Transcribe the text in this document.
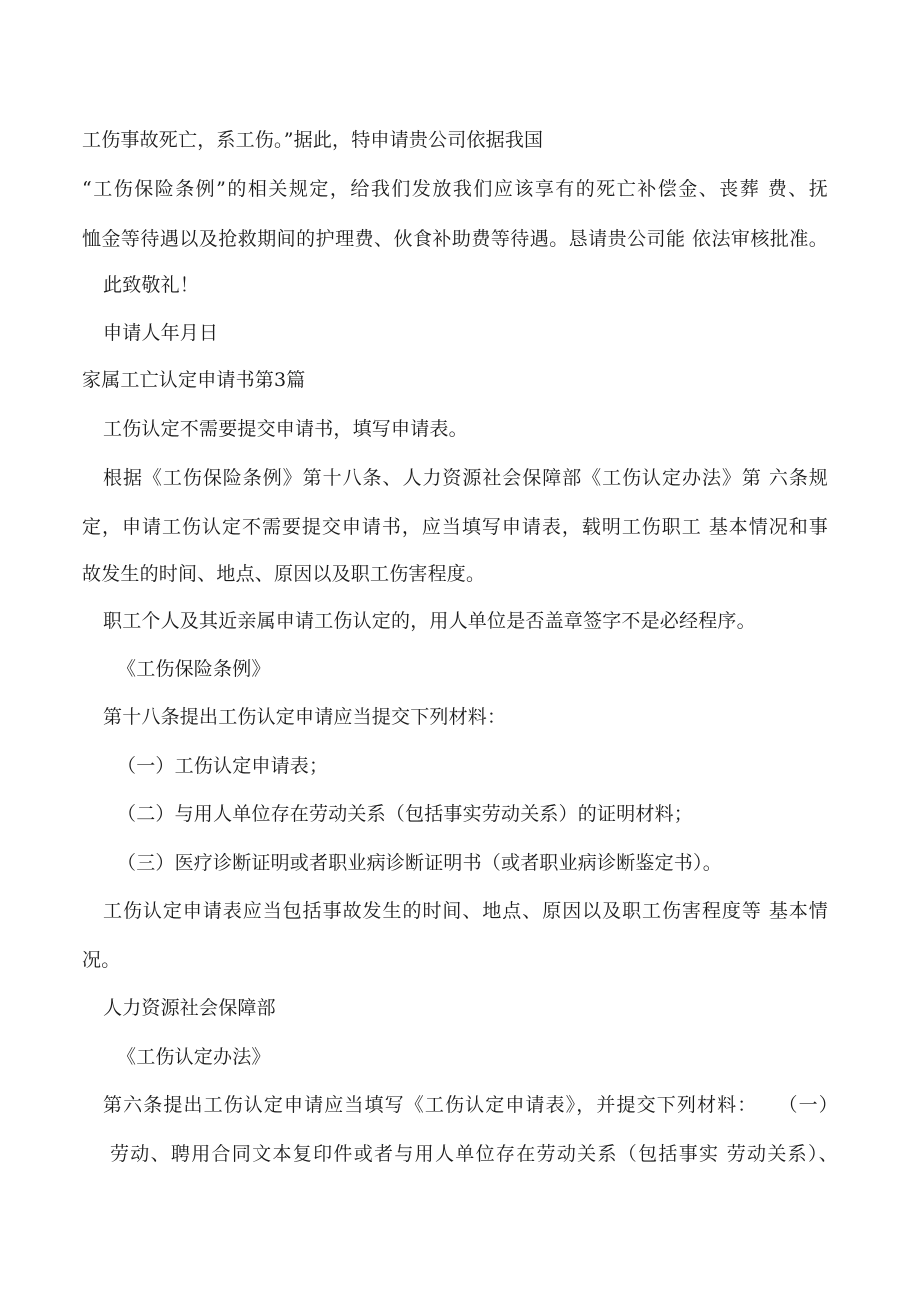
工伤事故死亡，系工伤。”据此，特申请贵公司依据我国
“工伤保险条例”的相关规定，给我们发放我们应该享有的死亡补偿金、丧葬 费、抚
恤金等待遇以及抢救期间的护理费、伙食补助费等待遇。恳请贵公司能 依法审核批准。
此致敬礼！
申请人年月日
家属工亡认定申请书第3篇
工伤认定不需要提交申请书，填写申请表。
根据《工伤保险条例》第十八条、人力资源社会保障部《工伤认定办法》第 六条规
定，申请工伤认定不需要提交申请书，应当填写申请表，载明工伤职工 基本情况和事
故发生的时间、地点、原因以及职工伤害程度。
职工个人及其近亲属申请工伤认定的，用人单位是否盖章签字不是必经程序。
《工伤保险条例》
第十八条提出工伤认定申请应当提交下列材料：
（一）工伤认定申请表；
（二）与用人单位存在劳动关系（包括事实劳动关系）的证明材料；
（三）医疗诊断证明或者职业病诊断证明书（或者职业病诊断鉴定书）。
工伤认定申请表应当包括事故发生的时间、地点、原因以及职工伤害程度等 基本情
况。
人力资源社会保障部
《工伤认定办法》
第六条提出工伤认定申请应当填写《工伤认定申请表》，并提交下列材料：　　（一）
劳动、聘用合同文本复印件或者与用人单位存在劳动关系（包括事实 劳动关系）、
